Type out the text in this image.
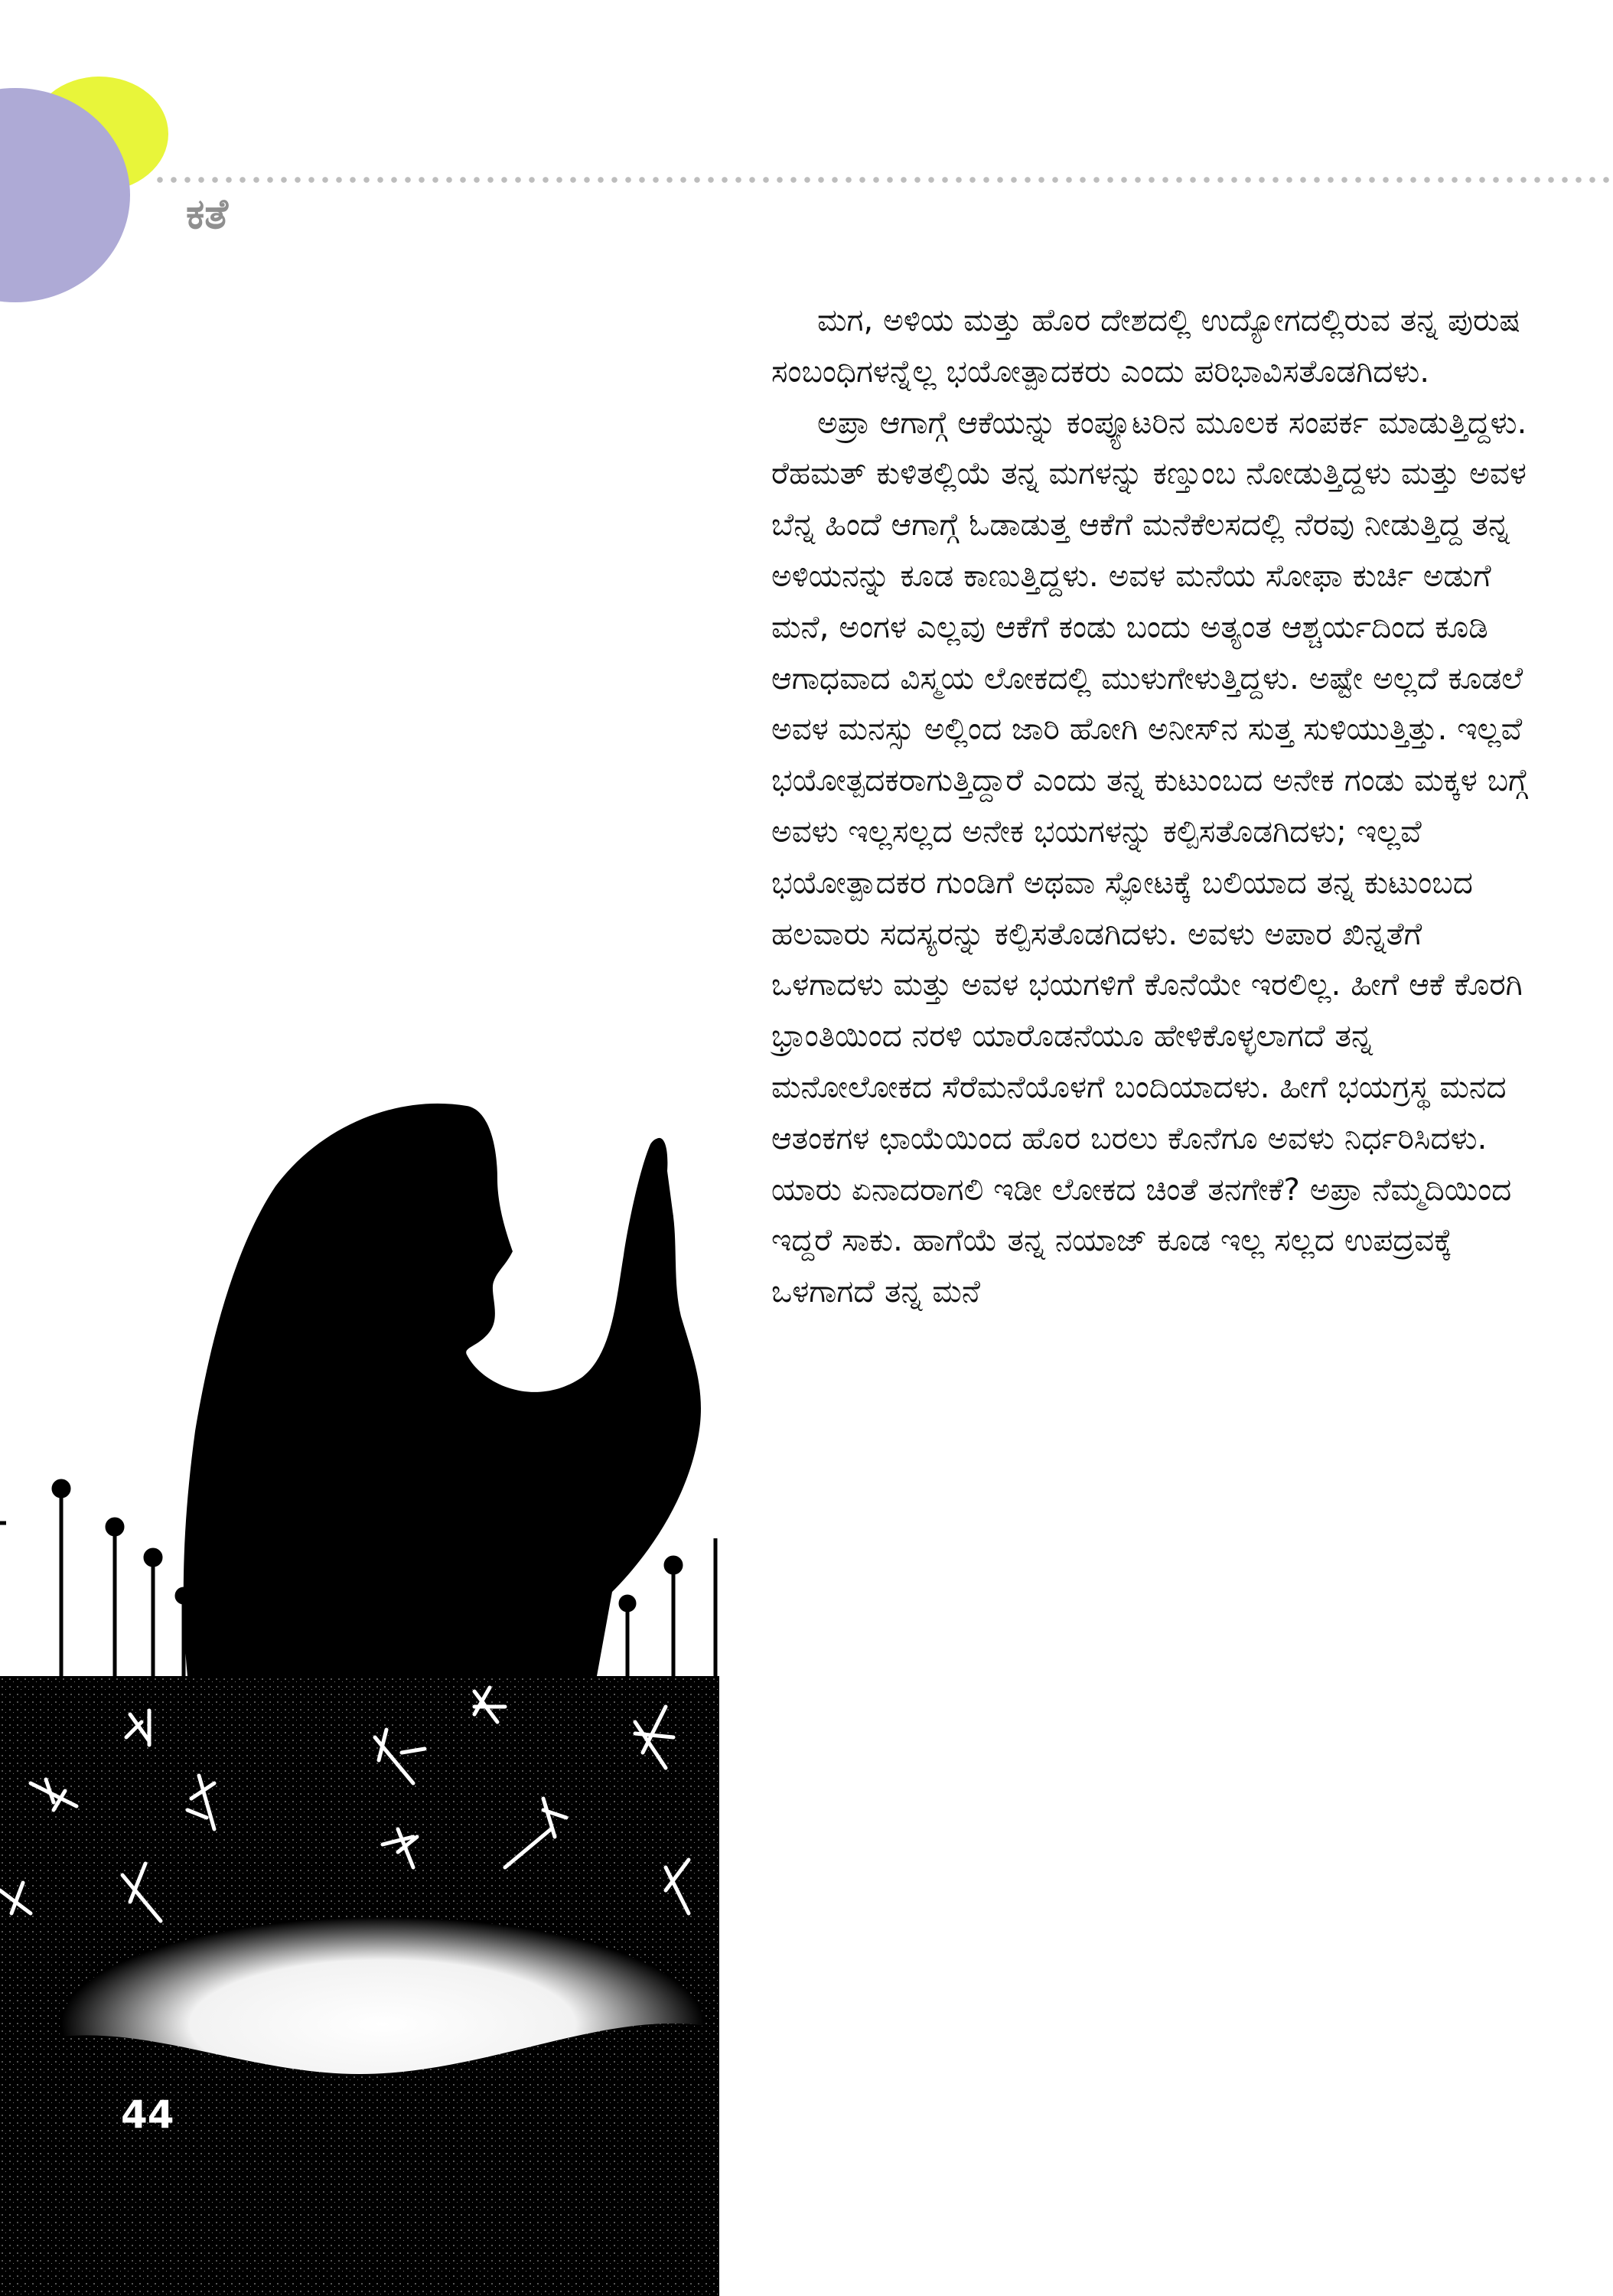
ಕತೆ

ಮಗ, ಅಳಿಯ ಮತ್ತು ಹೊರ ದೇಶದಲ್ಲಿ ಉದ್ಯೋಗದಲ್ಲಿರುವ ತನ್ನ ಪುರುಷ ಸಂಬಂಧಿಗಳನ್ನೆಲ್ಲ ಭಯೋತ್ಪಾದಕರು ಎಂದು ಪರಿಭಾವಿಸತೊಡಗಿದಳು.

ಅಪ್ರಾ ಆಗಾಗ್ಗೆ ಆಕೆಯನ್ನು ಕಂಪ್ಯೂಟರಿನ ಮೂಲಕ ಸಂಪರ್ಕ ಮಾಡುತ್ತಿದ್ದಳು. ರೆಹಮತ್ ಕುಳಿತಲ್ಲಿಯೆ ತನ್ನ ಮಗಳನ್ನು ಕಣ್ತುಂಬ ನೋಡುತ್ತಿದ್ದಳು ಮತ್ತು ಅವಳ ಬೆನ್ನ ಹಿಂದೆ ಆಗಾಗ್ಗೆ ಓಡಾಡುತ್ತ ಆಕೆಗೆ ಮನೆಕೆಲಸದಲ್ಲಿ ನೆರವು ನೀಡುತ್ತಿದ್ದ ತನ್ನ ಅಳಿಯನನ್ನು ಕೂಡ ಕಾಣುತ್ತಿದ್ದಳು. ಅವಳ ಮನೆಯ ಸೋಫಾ ಕುರ್ಚಿ ಅಡುಗೆ ಮನೆ, ಅಂಗಳ ಎಲ್ಲವು ಆಕೆಗೆ ಕಂಡು ಬಂದು ಅತ್ಯಂತ ಆಶ್ಚರ್ಯದಿಂದ ಕೂಡಿ ಆಗಾಧವಾದ ವಿಸ್ಮಯ ಲೋಕದಲ್ಲಿ ಮುಳುಗೇಳುತ್ತಿದ್ದಳು. ಅಷ್ಟೇ ಅಲ್ಲದೆ ಕೂಡಲೆ ಅವಳ ಮನಸ್ಸು ಅಲ್ಲಿಂದ ಜಾರಿ ಹೋಗಿ ಅನೀಸ್‌ನ ಸುತ್ತ ಸುಳಿಯುತ್ತಿತ್ತು. ಇಲ್ಲವೆ ಭಯೋತ್ಪದಕರಾಗುತ್ತಿದ್ದಾರೆ ಎಂದು ತನ್ನ ಕುಟುಂಬದ ಅನೇಕ ಗಂಡು ಮಕ್ಕಳ ಬಗ್ಗೆ ಅವಳು ಇಲ್ಲಸಲ್ಲದ ಅನೇಕ ಭಯಗಳನ್ನು ಕಲ್ಪಿಸತೊಡಗಿದಳು; ಇಲ್ಲವೆ ಭಯೋತ್ಪಾದಕರ ಗುಂಡಿಗೆ ಅಥವಾ ಸ್ಫೋಟಕ್ಕೆ ಬಲಿಯಾದ ತನ್ನ ಕುಟುಂಬದ ಹಲವಾರು ಸದಸ್ಯರನ್ನು ಕಲ್ಪಿಸತೊಡಗಿದಳು. ಅವಳು ಅಪಾರ ಖಿನ್ನತೆಗೆ ಒಳಗಾದಳು ಮತ್ತು ಅವಳ ಭಯಗಳಿಗೆ ಕೊನೆಯೇ ಇರಲಿಲ್ಲ. ಹೀಗೆ ಆಕೆ ಕೊರಗಿ ಭ್ರಾಂತಿಯಿಂದ ನರಳಿ ಯಾರೊಡನೆಯೂ ಹೇಳಿಕೊಳ್ಳಲಾಗದೆ ತನ್ನ ಮನೋಲೋಕದ ಸೆರೆಮನೆಯೊಳಗೆ ಬಂದಿಯಾದಳು. ಹೀಗೆ ಭಯಗ್ರಸ್ಥ ಮನದ ಆತಂಕಗಳ ಛಾಯೆಯಿಂದ ಹೊರ ಬರಲು ಕೊನೆಗೂ ಅವಳು ನಿರ್ಧರಿಸಿದಳು. ಯಾರು ಏನಾದರಾಗಲಿ ಇಡೀ ಲೋಕದ ಚಿಂತೆ ತನಗೇಕೆ? ಅಪ್ರಾ ನೆಮ್ಮದಿಯಿಂದ ಇದ್ದರೆ ಸಾಕು. ಹಾಗೆಯೆ ತನ್ನ ನಯಾಜ್ ಕೂಡ ಇಲ್ಲ ಸಲ್ಲದ ಉಪದ್ರವಕ್ಕೆ ಒಳಗಾಗದೆ ತನ್ನ ಮನೆ

44
